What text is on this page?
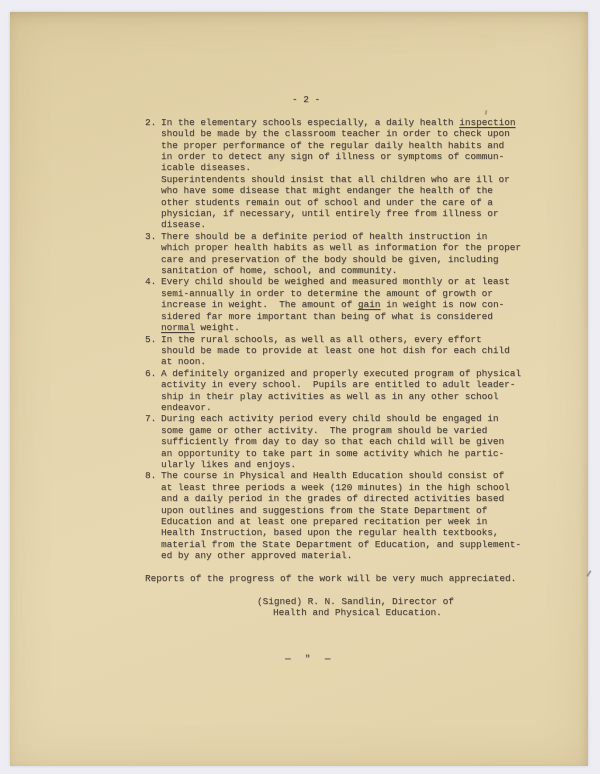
- 2 -
2. In the elementary schools especially, a daily health inspection
should be made by the classroom teacher in order to check upon
the proper performance of the regular daily health habits and
in order to detect any sign of illness or symptoms of commun-
icable diseases.
Superintendents should insist that all children who are ill or
who have some disease that might endanger the health of the
other students remain out of school and under the care of a
physician, if necessary, until entirely free from illness or
disease.
3. There should be a definite period of health instruction in
which proper health habits as well as information for the proper
care and preservation of the body should be given, including
sanitation of home, school, and community.
4. Every child should be weighed and measured monthly or at least
semi-annually in order to determine the amount of growth or
increase in weight.  The amount of gain in weight is now con-
sidered far more important than being of what is considered
normal weight.
5. In the rural schools, as well as all others, every effort
should be made to provide at least one hot dish for each child
at noon.
6. A definitely organized and properly executed program of physical
activity in every school.  Pupils are entitled to adult leader-
ship in their play activities as well as in any other school
endeavor.
7. During each activity period every child should be engaged in
some game or other activity.  The program should be varied
sufficiently from day to day so that each child will be given
an opportunity to take part in some activity which he partic-
ularly likes and enjoys.
8. The course in Physical and Health Education should consist of
at least three periods a week (120 minutes) in the high school
and a daily period in the grades of directed activities based
upon outlines and suggestions from the State Department of
Education and at least one prepared recitation per week in
Health Instruction, based upon the regular health textbooks,
material from the State Department of Education, and supplement-
ed by any other approved material.
Reports of the progress of the work will be very much appreciated.
(Signed) R. N. Sandlin, Director of
Health and Physical Education.
—  "  —
